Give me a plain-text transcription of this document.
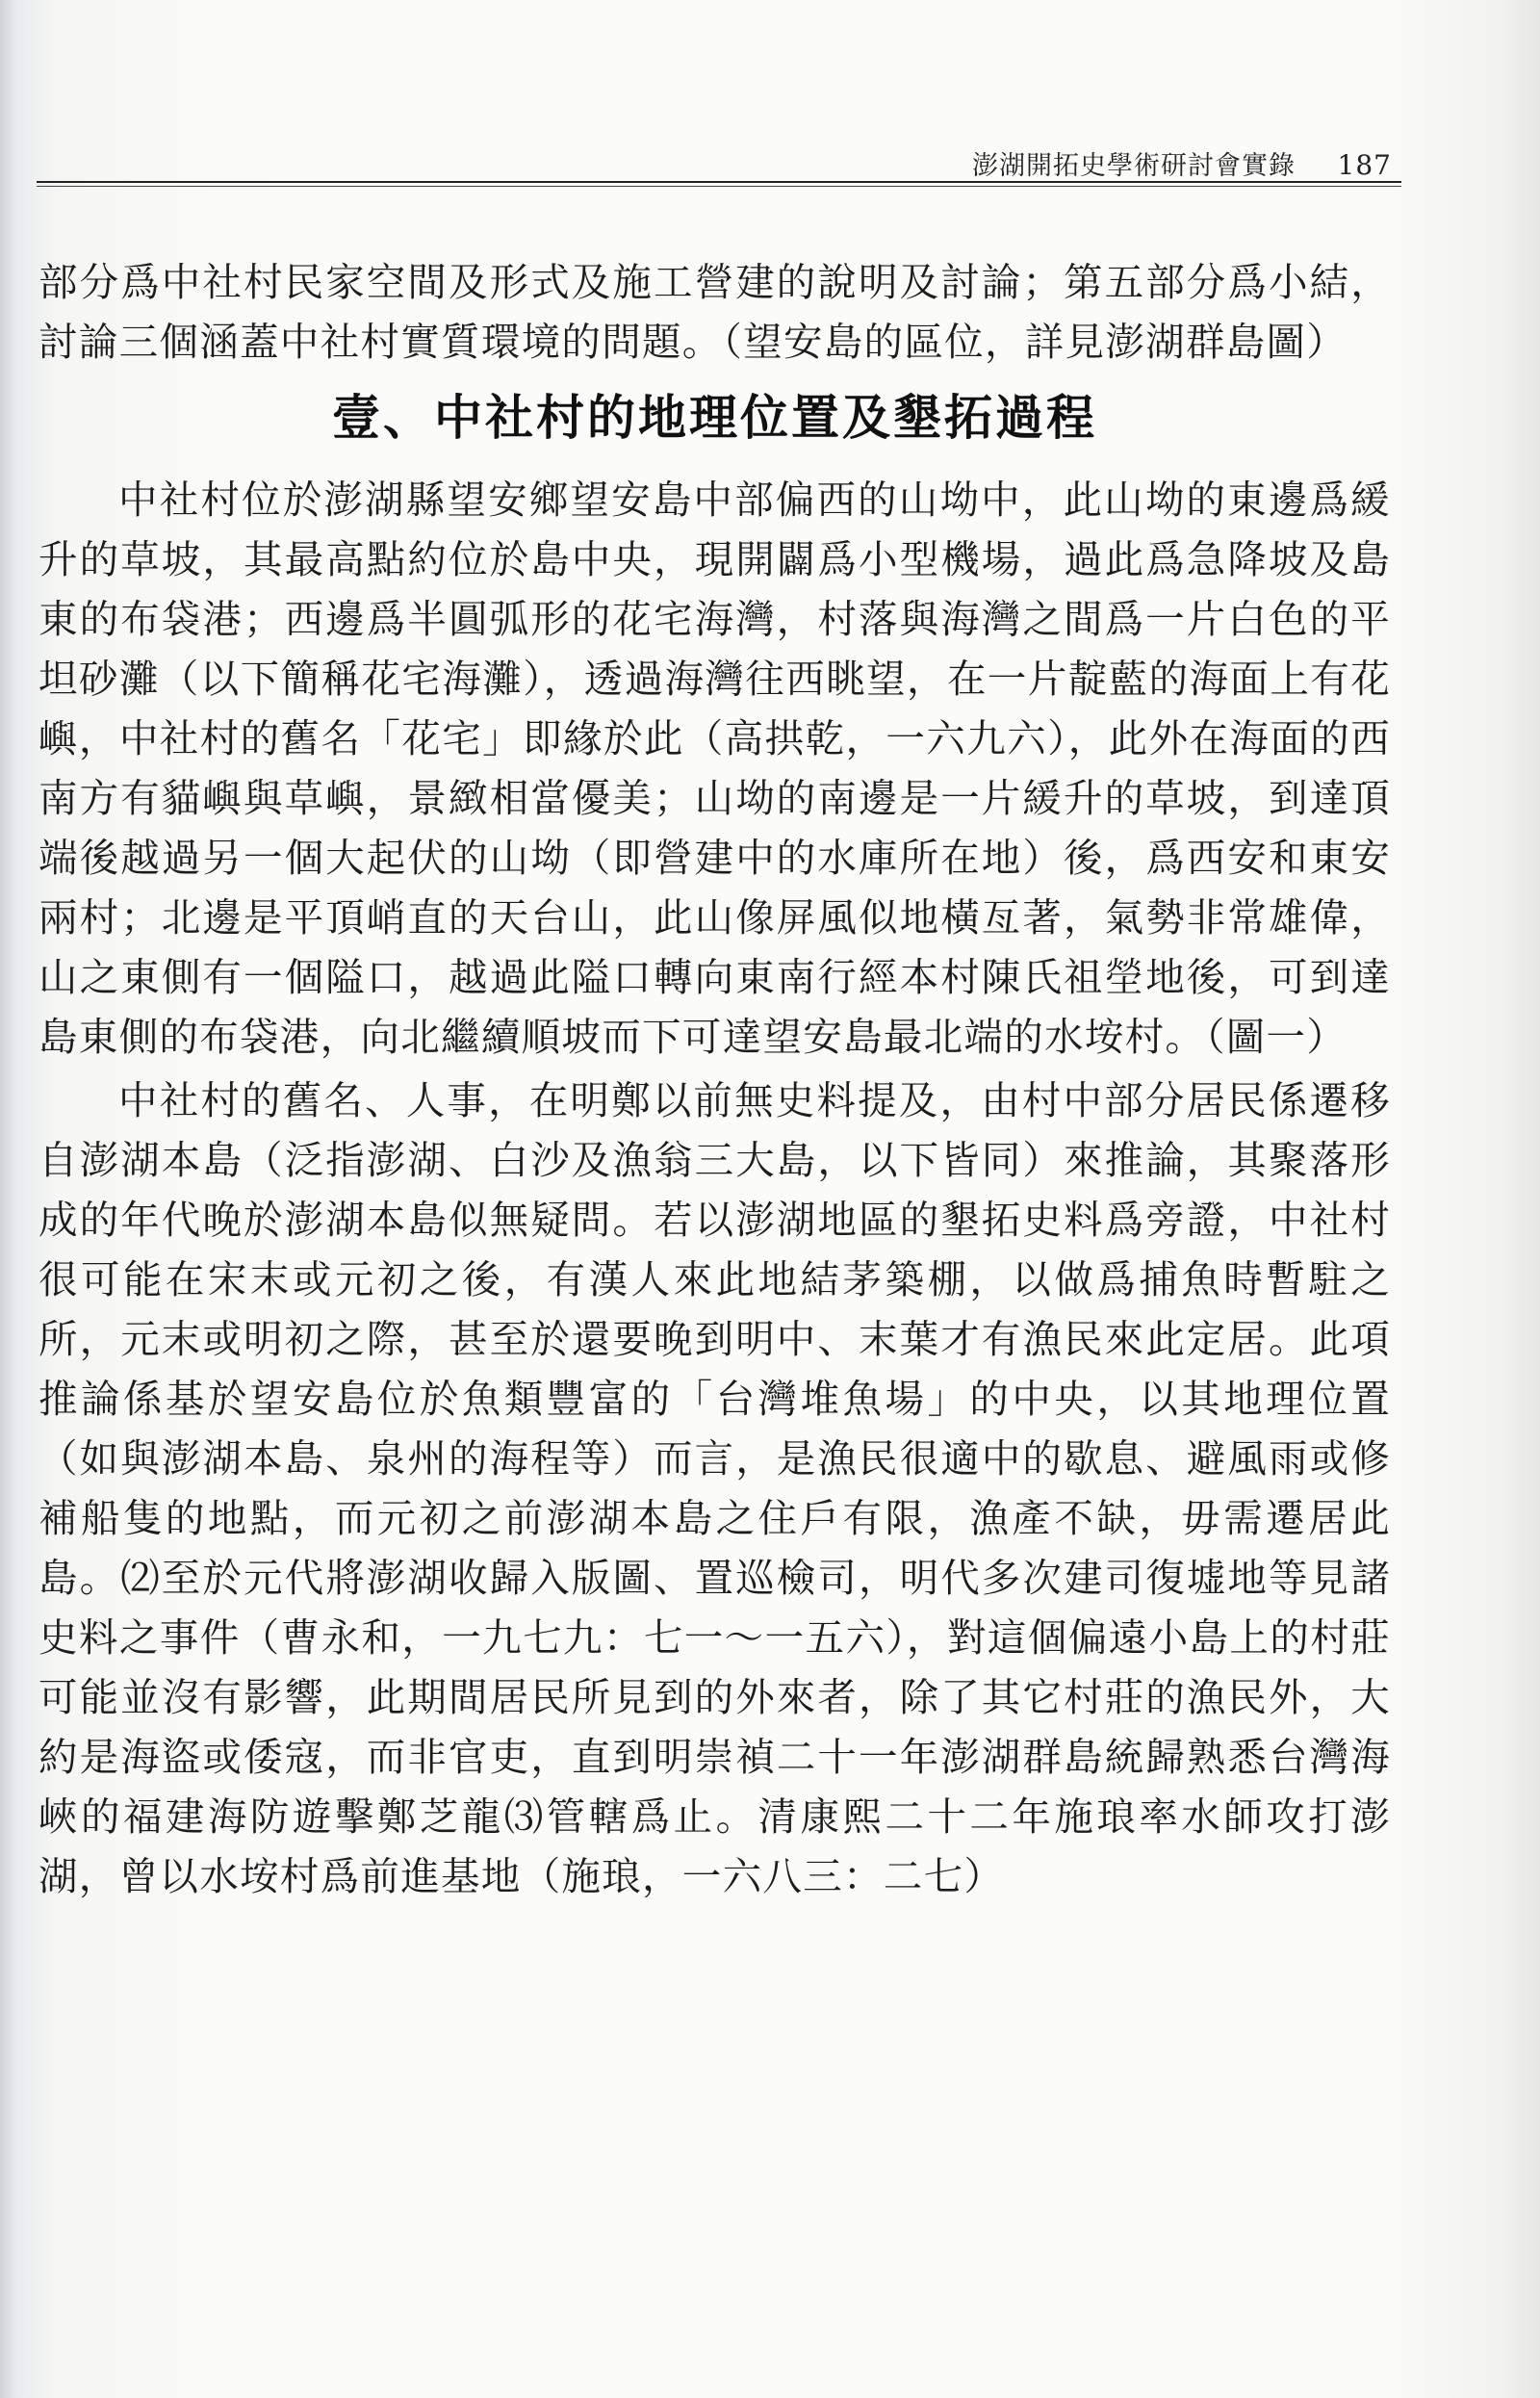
澎湖開拓史學術研討會實錄 187

部分爲中社村民家空間及形式及施工營建的說明及討論；第五部分爲小結，討論三個涵蓋中社村實質環境的問題。（望安島的區位，詳見澎湖群島圖）

壹、中社村的地理位置及墾拓過程

中社村位於澎湖縣望安鄉望安島中部偏西的山坳中，此山坳的東邊爲緩升的草坡，其最高點約位於島中央，現開闢爲小型機場，過此爲急降坡及島東的布袋港；西邊爲半圓弧形的花宅海灣，村落與海灣之間爲一片白色的平坦砂灘（以下簡稱花宅海灘），透過海灣往西眺望，在一片靛藍的海面上有花嶼，中社村的舊名「花宅」即緣於此（高拱乾，一六九六），此外在海面的西南方有貓嶼與草嶼，景緻相當優美；山坳的南邊是一片緩升的草坡，到達頂端後越過另一個大起伏的山坳（即營建中的水庫所在地）後，爲西安和東安兩村；北邊是平頂峭直的天台山，此山像屏風似地橫亙著，氣勢非常雄偉，山之東側有一個隘口，越過此隘口轉向東南行經本村陳氏祖塋地後，可到達島東側的布袋港，向北繼續順坡而下可達望安島最北端的水垵村。（圖一）

中社村的舊名、人事，在明鄭以前無史料提及，由村中部分居民係遷移自澎湖本島（泛指澎湖、白沙及漁翁三大島，以下皆同）來推論，其聚落形成的年代晚於澎湖本島似無疑問。若以澎湖地區的墾拓史料爲旁證，中社村很可能在宋末或元初之後，有漢人來此地結茅築棚，以做爲捕魚時暫駐之所，元末或明初之際，甚至於還要晚到明中、末葉才有漁民來此定居。此項推論係基於望安島位於魚類豐富的「台灣堆魚場」的中央，以其地理位置（如與澎湖本島、泉州的海程等）而言，是漁民很適中的歇息、避風雨或修補船隻的地點，而元初之前澎湖本島之住戶有限，漁產不缺，毋需遷居此島。⑵至於元代將澎湖收歸入版圖、置巡檢司，明代多次建司復墟地等見諸史料之事件（曹永和，一九七九：七一～一五六），對這個偏遠小島上的村莊可能並沒有影響，此期間居民所見到的外來者，除了其它村莊的漁民外，大約是海盜或倭寇，而非官吏，直到明崇禎二十一年澎湖群島統歸熟悉台灣海峽的福建海防遊擊鄭芝龍⑶管轄爲止。清康熙二十二年施琅率水師攻打澎湖，曾以水垵村爲前進基地（施琅，一六八三：二七）
